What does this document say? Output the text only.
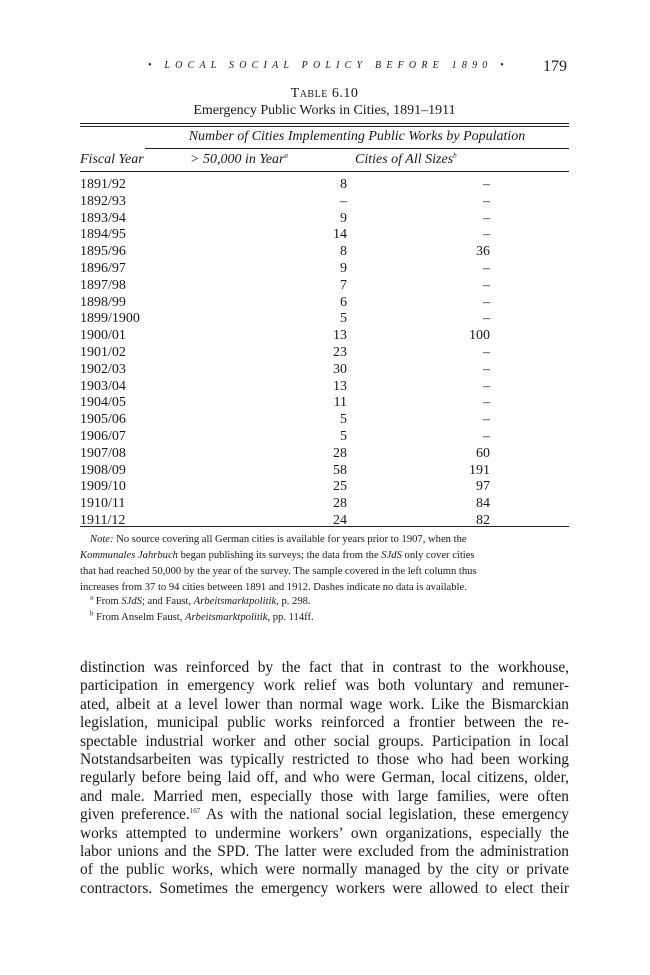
• LOCAL SOCIAL POLICY BEFORE 1890 • 179
Table 6.10
Emergency Public Works in Cities, 1891–1911
Number of Cities Implementing Public Works by Population
Fiscal Year	> 50,000 in Year$^a$	Cities of All Sizes$^b$
1891/92	8	–
1892/93	–	–
1893/94	9	–
1894/95	14	–
1895/96	8	36
1896/97	9	–
1897/98	7	–
1898/99	6	–
1899/1900	5	–
1900/01	13	100
1901/02	23	–
1902/03	30	–
1903/04	13	–
1904/05	11	–
1905/06	5	–
1906/07	5	–
1907/08	28	60
1908/09	58	191
1909/10	25	97
1910/11	28	84
1911/12	24	82
Note: No source covering all German cities is available for years prior to 1907, when the
Kommunales Jahrbuch began publishing its surveys; the data from the SJdS only cover cities
that had reached 50,000 by the year of the survey. The sample covered in the left column thus
increases from 37 to 94 cities between 1891 and 1912. Dashes indicate no data is available.
$^a$ From SJdS; and Faust, Arbeitsmarktpolitik, p. 298.
$^b$ From Anselm Faust, Arbeitsmarktpolitik, pp. 114ff.
distinction was reinforced by the fact that in contrast to the workhouse,
participation in emergency work relief was both voluntary and remuner-
ated, albeit at a level lower than normal wage work. Like the Bismarckian
legislation, municipal public works reinforced a frontier between the re-
spectable industrial worker and other social groups. Participation in local
Notstandsarbeiten was typically restricted to those who had been working
regularly before being laid off, and who were German, local citizens, older,
and male. Married men, especially those with large families, were often
given preference.$^{167}$ As with the national social legislation, these emergency
works attempted to undermine workers’ own organizations, especially the
labor unions and the SPD. The latter were excluded from the administration
of the public works, which were normally managed by the city or private
contractors. Sometimes the emergency workers were allowed to elect their
